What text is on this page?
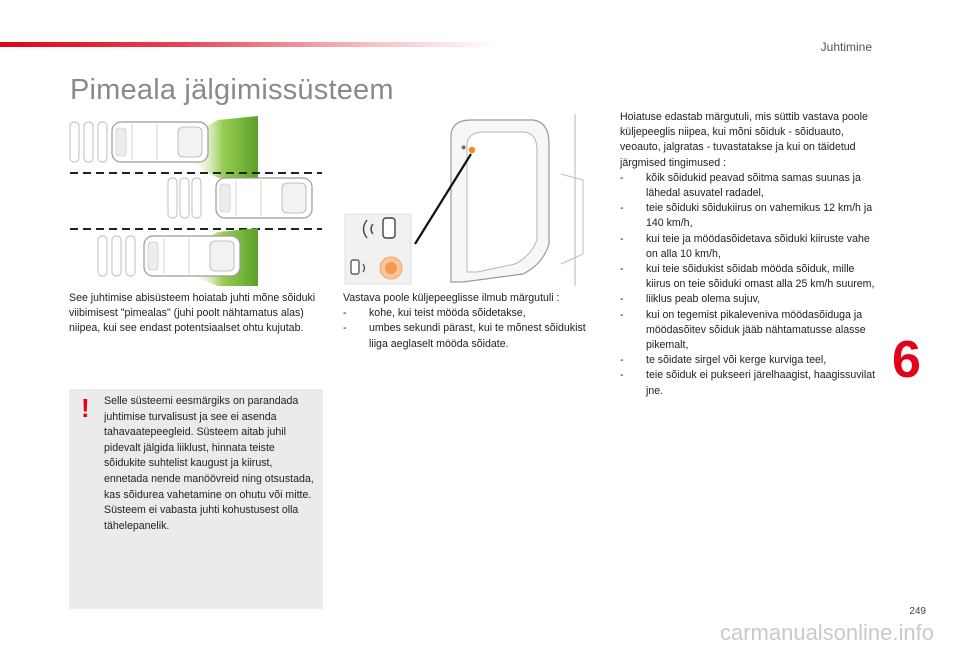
Juhtimine
Pimeala jälgimissüsteem
◉

See juhtimise abisüsteem hoiatab juhti mõne sõiduki viibimisest "pimealas" (juhi poolt nähtamatus alas) niipea, kui see endast potentsiaalset ohtu kujutab.

! Selle süsteemi eesmärgiks on parandada juhtimise turvalisust ja see ei asenda tahavaatepeeglеid. Süsteem aitab juhil pidevalt jälgida liiklust, hinnata teiste sõidukite suhtelist kaugust ja kiirust, ennetada nende manöövreid ning otsustada, kas sõidurea vahetamine on ohutu või mitte. Süsteem ei vabasta juhti kohustusest olla tähelepanelik.

Vastava poole küljepeeglisse ilmub märgutuli :

- kohe, kui teist mööda sõidetakse,
- umbes sekundi pärast, kui te mõnest sõidukist liiga aeglaselt mööda sõidate.

Hoiatuse edastab märgutuli, mis süttib vastava poole küljepeeglis niipea, kui mõni sõiduk - sõiduauto, veoauto, jalgratas - tuvastatakse ja kui on täidetud järgmised tingimused :

- kõik sõidukid peavad sõitma samas suunas ja lähedal asuvatel radadel,
- teie sõiduki sõidukiirus on vahemikus 12 km/h ja 140 km/h,
- kui teie ja möödasõidetava sõiduki kiiruste vahe on alla 10 km/h,
- kui teie sõidukist sõidab mööda sõiduk, mille kiirus on teie sõiduki omast alla 25 km/h suurem,
- liiklus peab olema sujuv,
- kui on tegemist pikaleveniva möödasõiduga ja möödasõitev sõiduk jääb nähtamatusse alasse pikemalt,
- te sõidate sirgel või kerge kurviga teel,
- teie sõiduk ei pukseeri järelhaagist, haagissuvilat jne.
6
249
carmanualsonline.info
